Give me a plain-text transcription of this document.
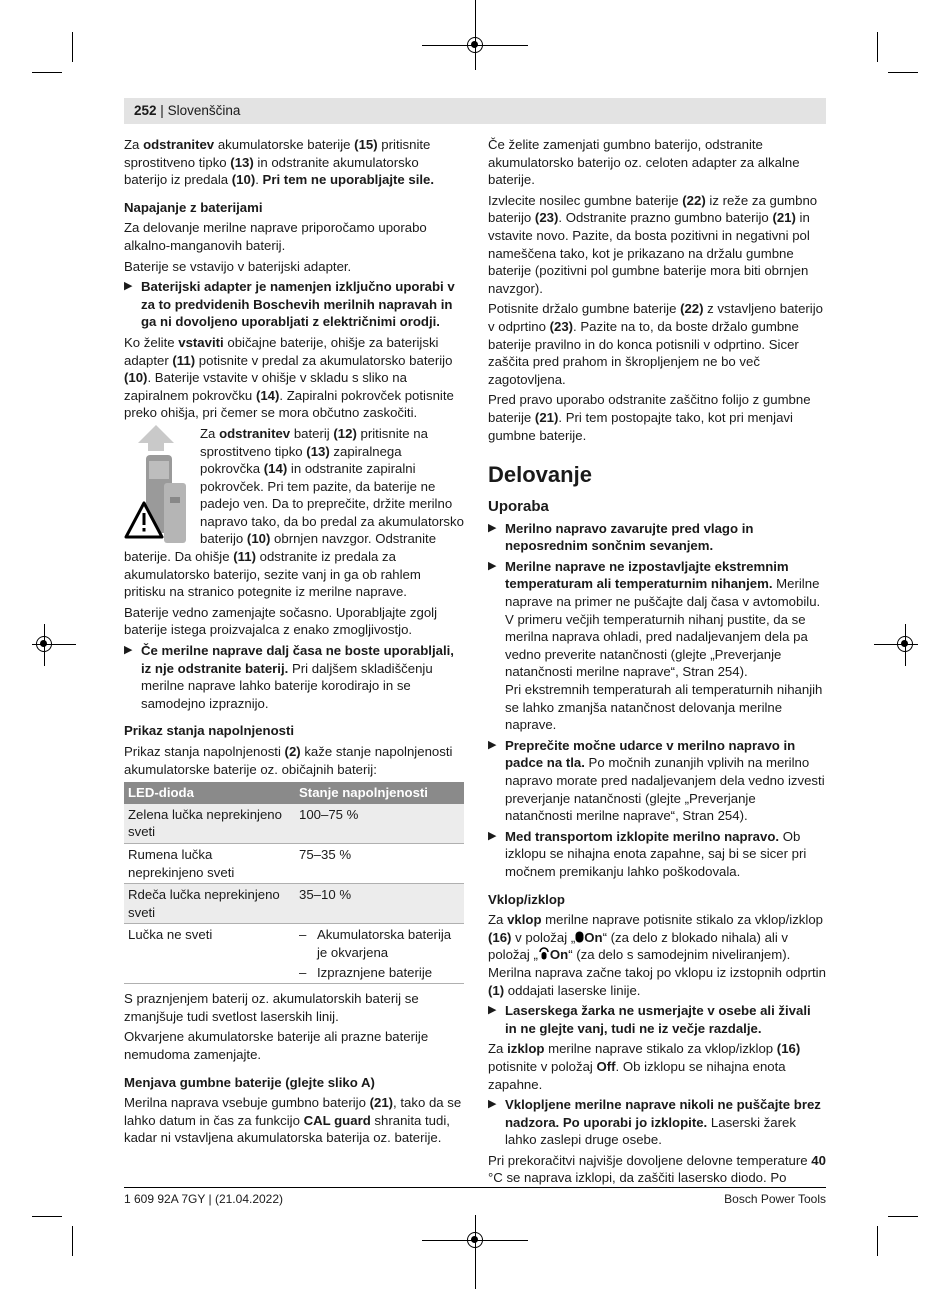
252 | Slovenščina

Za odstranitev akumulatorske baterije (15) pritisnite sprostitveno tipko (13) in odstranite akumulatorsko baterijo iz predala (10). Pri tem ne uporabljajte sile.

Napajanje z baterijami

Za delovanje merilne naprave priporočamo uporabo alkalno-manganovih baterij.

Baterije se vstavijo v baterijski adapter.

▶ Baterijski adapter je namenjen izključno uporabi v za to predvidenih Boschevih merilnih napravah in ga ni dovoljeno uporabljati z električnimi orodji.

Ko želite vstaviti običajne baterije, ohišje za baterijski adapter (11) potisnite v predal za akumulatorsko baterijo (10). Baterije vstavite v ohišje v skladu s sliko na zapiralnem pokrovčku (14). Zapiralni pokrovček potisnite preko ohišja, pri čemer se mora občutno zaskočiti.

Za odstranitev baterij (12) pritisnite na sprostitveno tipko (13) zapiralnega pokrovčka (14) in odstranite zapiralni pokrovček. Pri tem pazite, da baterije ne padejo ven. Da to preprečite, držite merilno napravo tako, da bo predal za akumulatorsko baterijo (10) obrnjen navzgor. Odstranite baterije. Da ohišje (11) odstranite iz predala za akumulatorsko baterijo, sezite vanj in ga ob rahlem pritisku na stranico potegnite iz merilne naprave.

Baterije vedno zamenjajte sočasno. Uporabljajte zgolj baterije istega proizvajalca z enako zmogljivostjo.

▶ Če merilne naprave dalj časa ne boste uporabljali, iz nje odstranite baterij. Pri daljšem skladiščenju merilne naprave lahko baterije korodirajo in se samodejno izpraznijo.
Prikaz stanja napolnjenosti

Prikaz stanja napolnjenosti (2) kaže stanje napolnjenosti akumulatorske baterije oz. običajnih baterij:

LED-dioda	Stanje napolnjenosti
Zelena lučka neprekinjeno sveti	100–75 %
Rumena lučka neprekinjeno sveti	75–35 %
Rdeča lučka neprekinjeno sveti	35–10 %
Lučka ne sveti	– Akumulatorska baterija je okvarjena
– Izpraznjene baterije

S praznjenjem baterij oz. akumulatorskih baterij se zmanjšuje tudi svetlost laserskih linij.

Okvarjene akumulatorske baterije ali prazne baterije nemudoma zamenjajte.

Menjava gumbne baterije (glejte sliko A)

Merilna naprava vsebuje gumbno baterijo (21), tako da se lahko datum in čas za funkcijo CAL guard shranita tudi, kadar ni vstavljena akumulatorska baterija oz. baterije.

Če želite zamenjati gumbno baterijo, odstranite akumulatorsko baterijo oz. celoten adapter za alkalne baterije.

Izvlecite nosilec gumbne baterije (22) iz reže za gumbno baterijo (23). Odstranite prazno gumbno baterijo (21) in vstavite novo. Pazite, da bosta pozitivni in negativni pol nameščena tako, kot je prikazano na držalu gumbne baterije (pozitivni pol gumbne baterije mora biti obrnjen navzgor).

Potisnite držalo gumbne baterije (22) z vstavljeno baterijo v odprtino (23). Pazite na to, da boste držalo gumbne baterije pravilno in do konca potisnili v odprtino. Sicer zaščita pred prahom in škropljenjem ne bo več zagotovljena.

Pred pravo uporabo odstranite zaščitno folijo z gumbne baterije (21). Pri tem postopajte tako, kot pri menjavi gumbne baterije.

Delovanje
Uporaba
▶ Merilno napravo zavarujte pred vlago in neposrednim sončnim sevanjem.
▶ Merilne naprave ne izpostavljajte ekstremnim temperaturam ali temperaturnim nihanjem. Merilne naprave na primer ne puščajte dalj časa v avtomobilu. V primeru večjih temperaturnih nihanj pustite, da se merilna naprava ohladi, pred nadaljevanjem dela pa vedno preverite natančnosti (glejte „Preverjanje natančnosti merilne naprave“, Stran 254).
Pri ekstremnih temperaturah ali temperaturnih nihanjih se lahko zmanjša natančnost delovanja merilne naprave.
▶ Preprečite močne udarce v merilno napravo in padce na tla. Po močnih zunanjih vplivih na merilno napravo morate pred nadaljevanjem dela vedno izvesti preverjanje natančnosti (glejte „Preverjanje natančnosti merilne naprave“, Stran 254).
▶ Med transportom izklopite merilno napravo. Ob izklopu se nihajna enota zapahne, saj bi se sicer pri močnem premikanju lahko poškodovala.
Vklop/izklop

Za vklop merilne naprave potisnite stikalo za vklop/izklop (16) v položaj „ On“ (za delo z blokado nihala) ali v položaj „ On“ (za delo s samodejnim niveliranjem). Merilna naprava začne takoj po vklopu iz izstopnih odprtin (1) oddajati laserske linije.

▶ Laserskega žarka ne usmerjajte v osebe ali živali in ne glejte vanj, tudi ne iz večje razdalje.

Za izklop merilne naprave stikalo za vklop/izklop (16) potisnite v položaj Off. Ob izklopu se nihajna enota zapahne.

▶ Vklopljene merilne naprave nikoli ne puščajte brez nadzora. Po uporabi jo izklopite. Laserski žarek lahko zaslepi druge osebe.

Pri prekoračitvi najvišje dovoljene delovne temperature 40 °C se naprava izklopi, da zaščiti lasersko diodo. Po

1 609 92A 7GY | (21.04.2022)	Bosch Power Tools
